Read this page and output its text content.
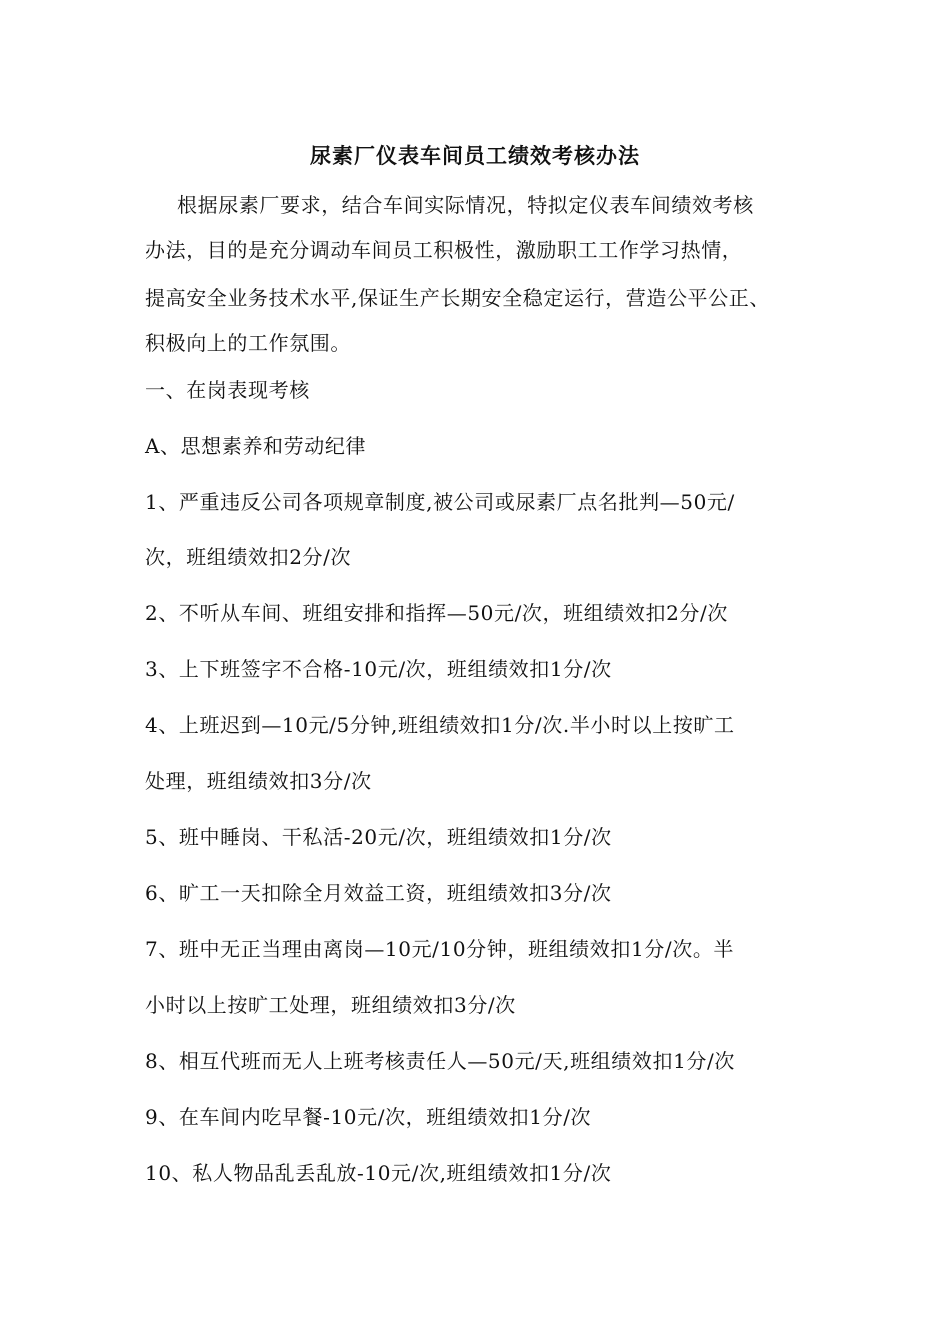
尿素厂仪表车间员工绩效考核办法
根据尿素厂要求，结合车间实际情况，特拟定仪表车间绩效考核
办法，目的是充分调动车间员工积极性，激励职工工作学习热情，
提高安全业务技术水平,保证生产长期安全稳定运行，营造公平公正、
积极向上的工作氛围。
一、在岗表现考核
A、思想素养和劳动纪律
1、严重违反公司各项规章制度,被公司或尿素厂点名批判—50元/
次，班组绩效扣2分/次
2、不听从车间、班组安排和指挥—50元/次，班组绩效扣2分/次
3、上下班签字不合格-10元/次，班组绩效扣1分/次
4、上班迟到—10元/5分钟,班组绩效扣1分/次.半小时以上按旷工
处理，班组绩效扣3分/次
5、班中睡岗、干私活-20元/次，班组绩效扣1分/次
6、旷工一天扣除全月效益工资，班组绩效扣3分/次
7、班中无正当理由离岗—10元/10分钟，班组绩效扣1分/次。半
小时以上按旷工处理，班组绩效扣3分/次
8、相互代班而无人上班考核责任人—50元/天,班组绩效扣1分/次
9、在车间内吃早餐-10元/次，班组绩效扣1分/次
10、私人物品乱丢乱放-10元/次,班组绩效扣1分/次
